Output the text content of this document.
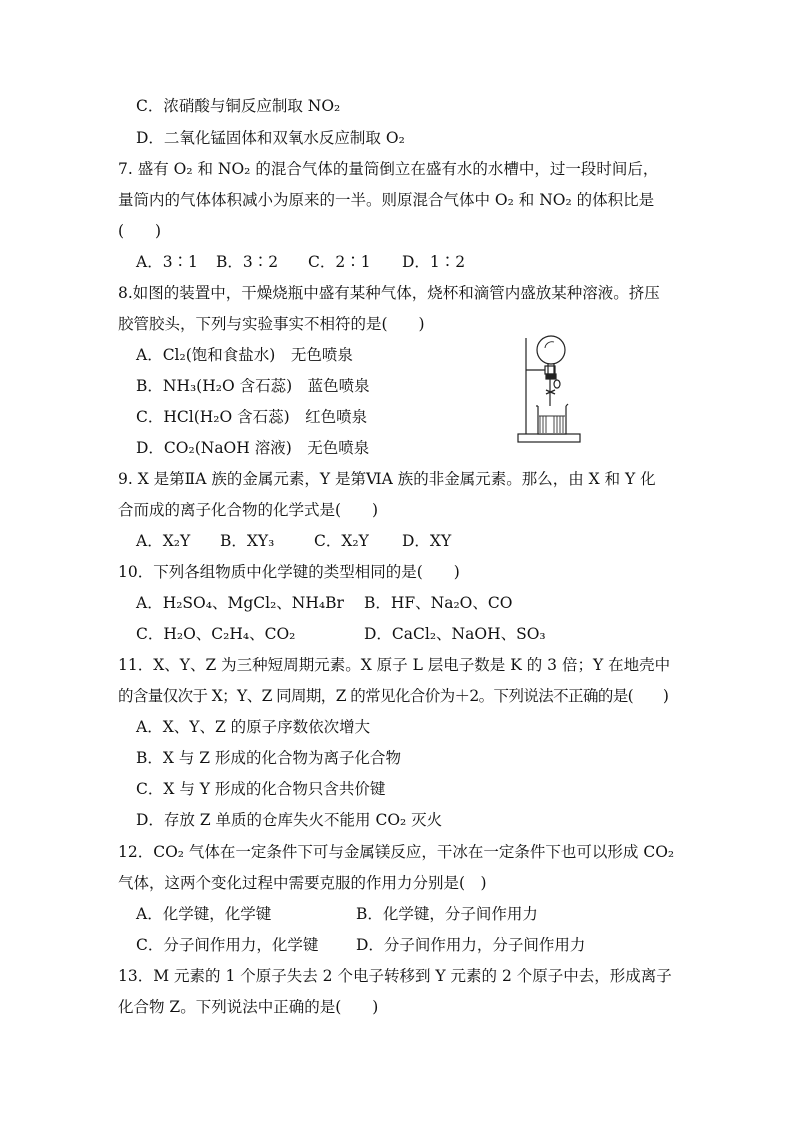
C．浓硝酸与铜反应制取 NO₂
D．二氧化锰固体和双氧水反应制取 O₂
7. 盛有 O₂ 和 NO₂ 的混合气体的量筒倒立在盛有水的水槽中，过一段时间后，
量筒内的气体体积减小为原来的一半。则原混合气体中 O₂ 和 NO₂ 的体积比是
(　　)
A．3∶1 B．3∶2 C．2∶1 D．1∶2
8.如图的装置中，干燥烧瓶中盛有某种气体，烧杯和滴管内盛放某种溶液。挤压
胶管胶头，下列与实验事实不相符的是(　　)
A．Cl₂(饱和食盐水)　无色喷泉
B．NH₃(H₂O 含石蕊)　蓝色喷泉
C．HCl(H₂O 含石蕊)　红色喷泉
D．CO₂(NaOH 溶液)　无色喷泉
9. X 是第ⅡA 族的金属元素，Y 是第ⅥA 族的非金属元素。那么，由 X 和 Y 化
合而成的离子化合物的化学式是(　　)
A．X₂Y B．XY₃	C．X₂Y D．XY
10．下列各组物质中化学键的类型相同的是(　　)
A．H₂SO₄、MgCl₂、NH₄Br B．HF、Na₂O、CO
C．H₂O、C₂H₄、CO₂	D．CaCl₂、NaOH、SO₃
11．X、Y、Z 为三种短周期元素。X 原子 L 层电子数是 K 的 3 倍；Y 在地壳中
的含量仅次于 X；Y、Z 同周期，Z 的常见化合价为＋2。下列说法不正确的是(　　)
A．X、Y、Z 的原子序数依次增大
B．X 与 Z 形成的化合物为离子化合物
C．X 与 Y 形成的化合物只含共价键
D．存放 Z 单质的仓库失火不能用 CO₂ 灭火
12．CO₂ 气体在一定条件下可与金属镁反应，干冰在一定条件下也可以形成 CO₂
气体，这两个变化过程中需要克服的作用力分别是(　)
A．化学键，化学键	B．化学键，分子间作用力
C．分子间作用力，化学键 D．分子间作用力，分子间作用力
13．M 元素的 1 个原子失去 2 个电子转移到 Y 元素的 2 个原子中去，形成离子
化合物 Z。下列说法中正确的是(　　)
